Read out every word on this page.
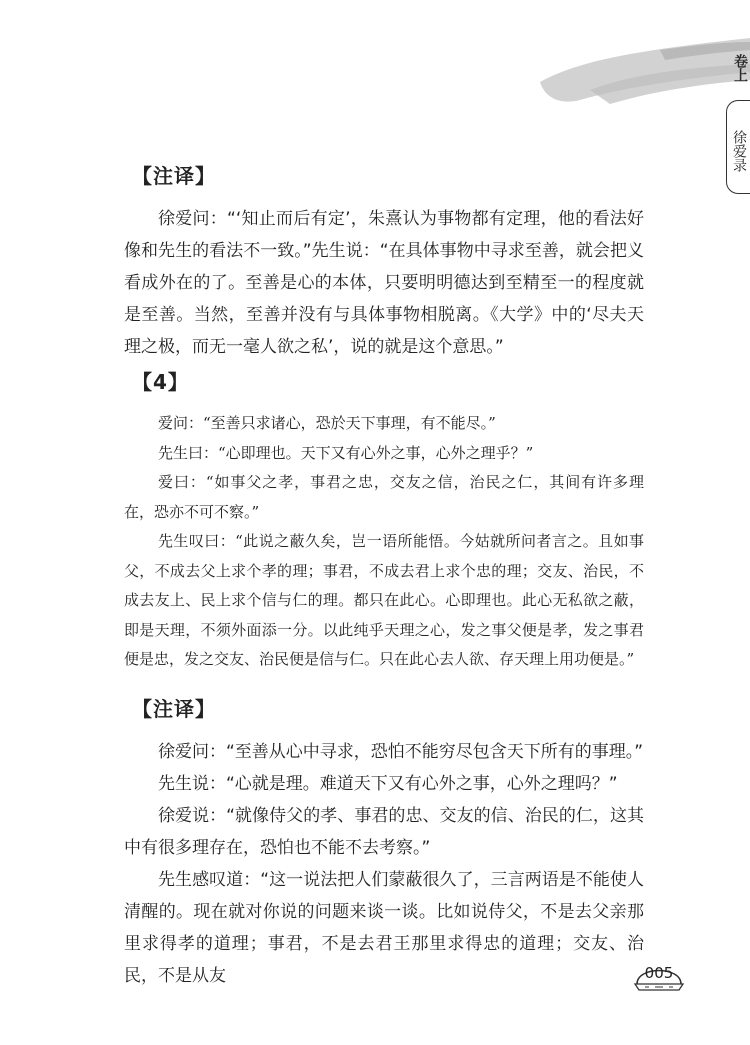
卷上
徐爱录
【注译】

徐爱问：“‘知止而后有定’，朱熹认为事物都有定理，他的看法好像和先生的看法不一致。”先生说：“在具体事物中寻求至善，就会把义看成外在的了。至善是心的本体，只要明明德达到至精至一的程度就是至善。当然，至善并没有与具体事物相脱离。《大学》中的‘尽夫天理之极，而无一毫人欲之私’，说的就是这个意思。”

【4】

爱问：“至善只求诸心，恐於天下事理，有不能尽。”

先生曰：“心即理也。天下又有心外之事，心外之理乎？”

爱曰：“如事父之孝，事君之忠，交友之信，治民之仁，其间有许多理在，恐亦不可不察。”

先生叹曰：“此说之蔽久矣，岂一语所能悟。今姑就所问者言之。且如事父，不成去父上求个孝的理；事君，不成去君上求个忠的理；交友、治民，不成去友上、民上求个信与仁的理。都只在此心。心即理也。此心无私欲之蔽，即是天理，不须外面添一分。以此纯乎天理之心，发之事父便是孝，发之事君便是忠，发之交友、治民便是信与仁。只在此心去人欲、存天理上用功便是。”

【注译】

徐爱问：“至善从心中寻求，恐怕不能穷尽包含天下所有的事理。”

先生说：“心就是理。难道天下又有心外之事，心外之理吗？”

徐爱说：“就像侍父的孝、事君的忠、交友的信、治民的仁，这其中有很多理存在，恐怕也不能不去考察。”

先生感叹道：“这一说法把人们蒙蔽很久了，三言两语是不能使人清醒的。现在就对你说的问题来谈一谈。比如说侍父，不是去父亲那里求得孝的道理；事君，不是去君王那里求得忠的道理；交友、治民，不是从友	005
